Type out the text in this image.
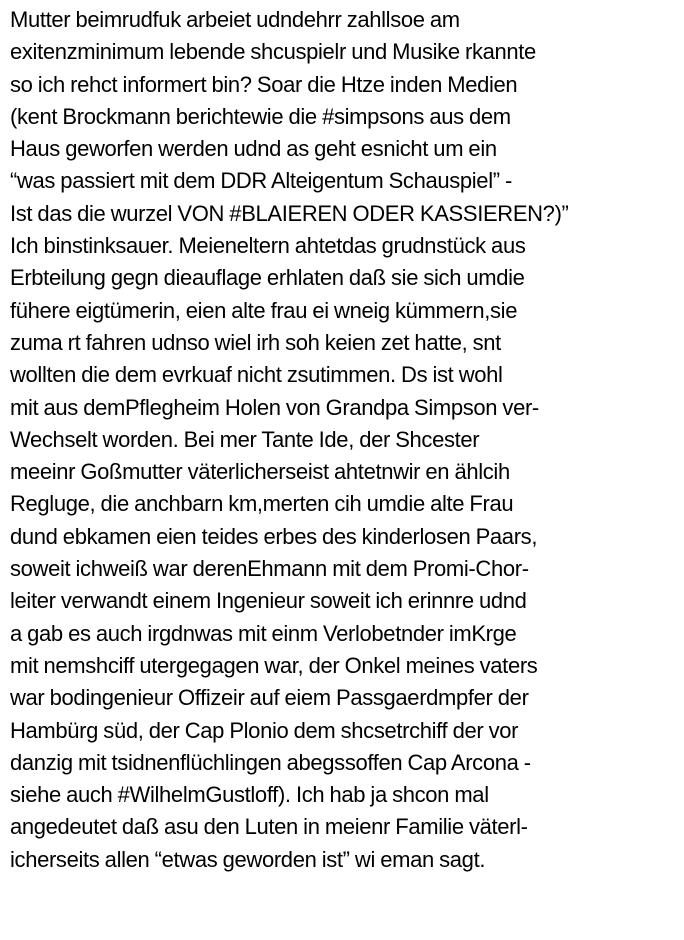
Mutter beimrudfuk arbeiet udndehrr zahllsoe am
exitenzminimum lebende shcuspielr und Musike rkannte
so ich rehct informert bin? Soar die Htze inden Medien
(kent Brockmann berichtewie die #simpsons aus dem
Haus geworfen werden udnd as geht esnicht um ein
“was passiert mit dem DDR Alteigentum Schauspiel” -
Ist das die wurzel VON #BLAIEREN ODER KASSIEREN?)”
Ich binstinksauer. Meieneltern ahtetdas grudnstück aus
Erbteilung gegn dieauflage erhlaten daß sie sich umdie
fühere eigtümerin, eien alte frau ei wneig kümmern,sie
zuma rt fahren udnso wiel irh soh keien zet hatte, snt
wollten die dem evrkuaf nicht zsutimmen. Ds ist wohl
mit aus demPflegheim Holen von Grandpa Simpson ver-
Wechselt worden. Bei mer Tante Ide, der Shcester
meeinr Goßmutter väterlicherseist ahtetnwir en ählcih
Regluge, die anchbarn km,merten cih umdie alte Frau
dund ebkamen eien teides erbes des kinderlosen Paars,
soweit ichweiß war derenEhmann mit dem Promi-Chor-
leiter verwandt einem Ingenieur soweit ich erinnre udnd
a gab es auch irgdnwas mit einm Verlobetnder imKrge
mit nemshciff utergegagen war, der Onkel meines vaters
war bodingenieur Offizeir auf eiem Passgaerdmpfer der
Hambürg süd, der Cap Plonio dem shcsetrchiff der vor
danzig mit tsidnenflüchlingen abegssoffen Cap Arcona -
siehe auch #WilhelmGustloff). Ich hab ja shcon mal
angedeutet daß asu den Luten in meienr Familie väterl-
icherseits allen “etwas geworden ist” wi eman sagt.
